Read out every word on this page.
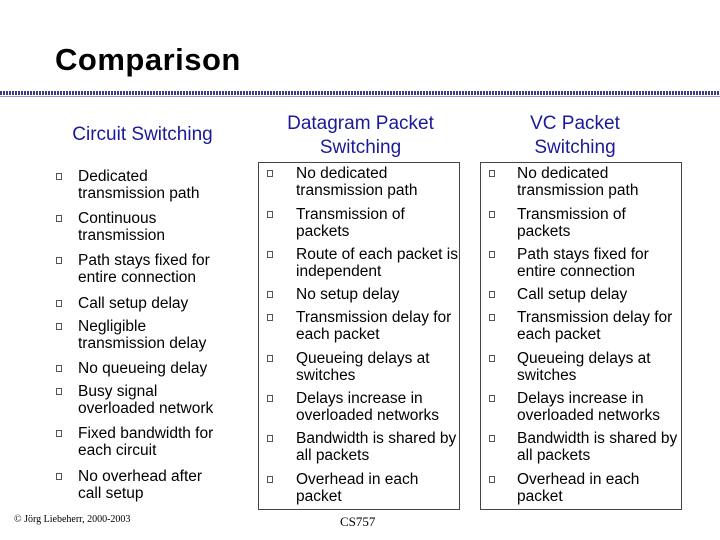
Comparison
Circuit Switching
Dedicated transmission path
Continuous transmission
Path stays fixed for entire connection
Call setup delay
Negligible transmission delay
No queueing delay
Busy signal overloaded network
Fixed bandwidth for each circuit
No overhead after call setup
Datagram Packet Switching
No dedicated transmission path
Transmission of packets
Route of each packet is independent
No setup delay
Transmission delay for each packet
Queueing delays at switches
Delays increase in overloaded networks
Bandwidth is shared by all packets
Overhead in each packet
VC Packet Switching
No dedicated transmission path
Transmission of packets
Path stays fixed for entire connection
Call setup delay
Transmission delay for each packet
Queueing delays at switches
Delays increase in overloaded networks
Bandwidth is shared by all packets
Overhead in each packet
© Jörg Liebeherr, 2000-2003	CS757
